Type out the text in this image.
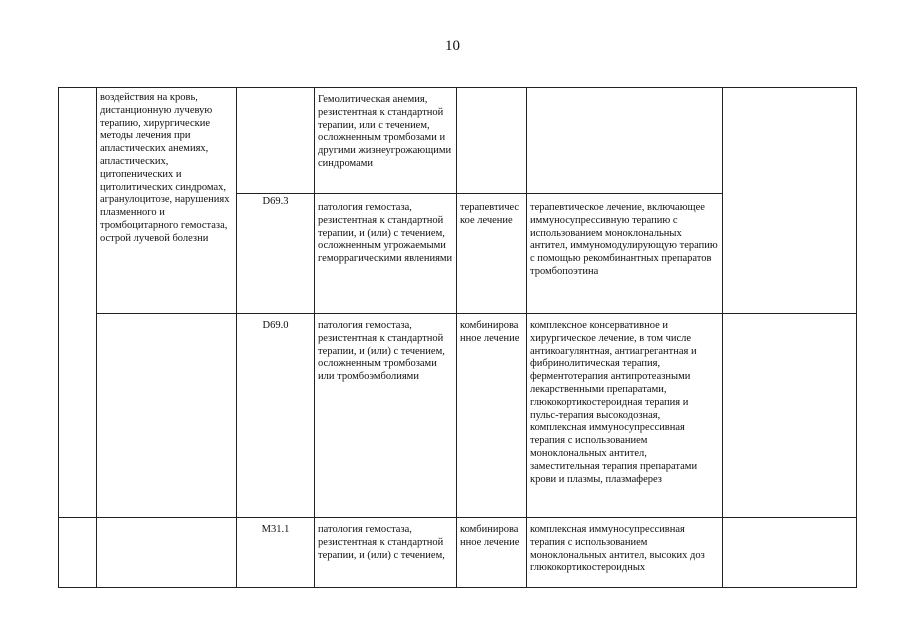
10

	воздействия на кровь, дистанционную лучевую терапию, хирургические методы лечения при апластических анемиях, апластических, цитопенических и цитолитических синдромах, агранулоцитозе, нарушениях плазменного и тромбоцитарного гемостаза, острой лучевой болезни		Гемолитическая анемия, резистентная к стандартной терапии, или с течением, осложненным тромбозами и другими жизнеугрожающими синдромами			

		D69.3	патология гемостаза, резистентная к стандартной терапии, и (или) с течением, осложненным угрожаемыми геморрагическими явлениями	терапевтическое лечение	терапевтическое лечение, включающее иммуносупрессивную терапию с использованием моноклональных антител, иммуномодулирующую терапию с помощью рекомбинантных препаратов тромбопоэтина	

		D69.0	патология гемостаза, резистентная к стандартной терапии, и (или) с течением, осложненным тромбозами или тромбоэмболиями	комбинированное лечение	комплексное консервативное и хирургическое лечение, в том числе антикоагулянтная, антиагрегантная и фибринолитическая терапия, ферментотерапия антипротеазными лекарственными препаратами, глюкокортикостероидная терапия и пульс-терапия высокодозная, комплексная иммуносупрессивная терапия с использованием моноклональных антител, заместительная терапия препаратами крови и плазмы, плазмаферез	

		M31.1	патология гемостаза, резистентная к стандартной терапии, и (или) с течением,	комбинированное лечение	комплексная иммуносупрессивная терапия с использованием моноклональных антител, высоких доз глюкокортикостероидных	
